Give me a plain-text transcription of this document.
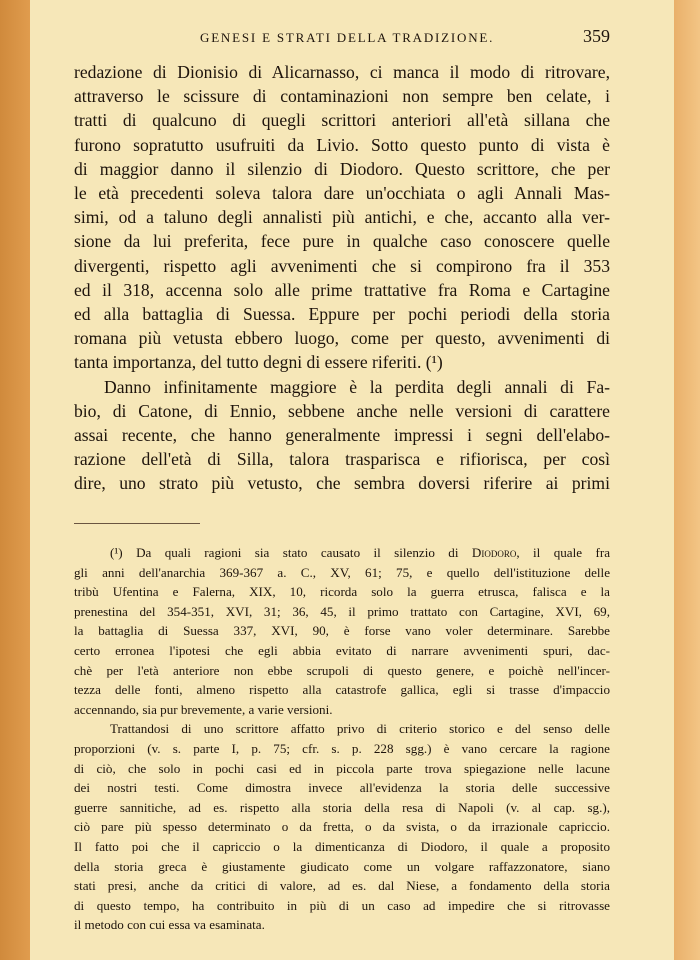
GENESI E STRATI DELLA TRADIZIONE.	359

redazione di Dionisio di Alicarnasso, ci manca il modo di ritrovare,
attraverso le scissure di contaminazioni non sempre ben celate, i
tratti di qualcuno di quegli scrittori anteriori all'età sillana che
furono sopratutto usufruiti da Livio. Sotto questo punto di vista è
di maggior danno il silenzio di Diodoro. Questo scrittore, che per
le età precedenti soleva talora dare un'occhiata o agli Annali Mas-
simi, od a taluno degli annalisti più antichi, e che, accanto alla ver-
sione da lui preferita, fece pure in qualche caso conoscere quelle
divergenti, rispetto agli avvenimenti che si compirono fra il 353
ed il 318, accenna solo alle prime trattative fra Roma e Cartagine
ed alla battaglia di Suessa. Eppure per pochi periodi della storia
romana più vetusta ebbero luogo, come per questo, avvenimenti di
tanta importanza, del tutto degni di essere riferiti. (¹)

Danno infinitamente maggiore è la perdita degli annali di Fa-
bio, di Catone, di Ennio, sebbene anche nelle versioni di carattere
assai recente, che hanno generalmente impressi i segni dell'elabo-
razione dell'età di Silla, talora trasparisca e rifiorisca, per così
dire, uno strato più vetusto, che sembra doversi riferire ai primi

(¹) Da quali ragioni sia stato causato il silenzio di Diodoro, il quale fra
gli anni dell'anarchia 369-367 a. C., XV, 61; 75, e quello dell'istituzione delle
tribù Ufentina e Falerna, XIX, 10, ricorda solo la guerra etrusca, falisca e la
prenestina del 354-351, XVI, 31; 36, 45, il primo trattato con Cartagine, XVI, 69,
la battaglia di Suessa 337, XVI, 90, è forse vano voler determinare. Sarebbe
certo erronea l'ipotesi che egli abbia evitato di narrare avvenimenti spuri, dac-
chè per l'età anteriore non ebbe scrupoli di questo genere, e poichè nell'incer-
tezza delle fonti, almeno rispetto alla catastrofe gallica, egli si trasse d'impaccio
accennando, sia pur brevemente, a varie versioni.
Trattandosi di uno scrittore affatto privo di criterio storico e del senso delle
proporzioni (v. s. parte I, p. 75; cfr. s. p. 228 sgg.) è vano cercare la ragione
di ciò, che solo in pochi casi ed in piccola parte trova spiegazione nelle lacune
dei nostri testi. Come dimostra invece all'evidenza la storia delle successive
guerre sannitiche, ad es. rispetto alla storia della resa di Napoli (v. al cap. sg.),
ciò pare più spesso determinato o da fretta, o da svista, o da irrazionale capriccio.
Il fatto poi che il capriccio o la dimenticanza di Diodoro, il quale a proposito
della storia greca è giustamente giudicato come un volgare raffazzonatore, siano
stati presi, anche da critici di valore, ad es. dal Niese, a fondamento della storia
di questo tempo, ha contribuito in più di un caso ad impedire che si ritrovasse
il metodo con cui essa va esaminata.
